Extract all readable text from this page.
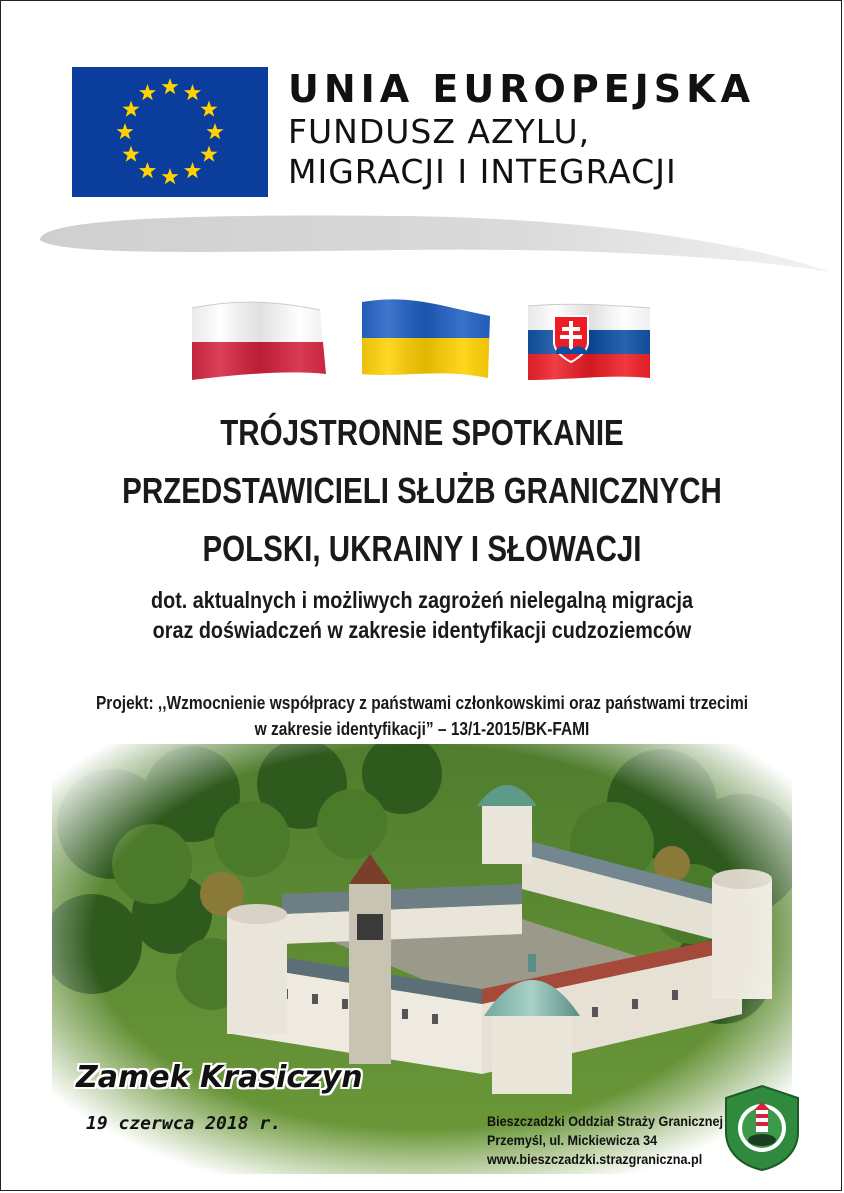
UNIA EUROPEJSKA
FUNDUSZ AZYLU,
MIGRACJI I INTEGRACJI
TRÓJSTRONNE SPOTKANIE
PRZEDSTAWICIELI SŁUŻB GRANICZNYCH
POLSKI, UKRAINY I SŁOWACJI
dot. aktualnych i możliwych zagrożeń nielegalną migracja
oraz doświadczeń w zakresie identyfikacji cudzoziemców
Projekt: ,,Wzmocnienie współpracy z państwami członkowskimi oraz państwami trzecimi
w zakresie identyfikacji” – 13/1-2015/BK-FAMI
Zamek Krasiczyn
19 czerwca 2018 r.	Bieszczadzki Oddział Straży Granicznej
Przemyśl, ul. Mickiewicza 34
www.bieszczadzki.strazgraniczna.pl
